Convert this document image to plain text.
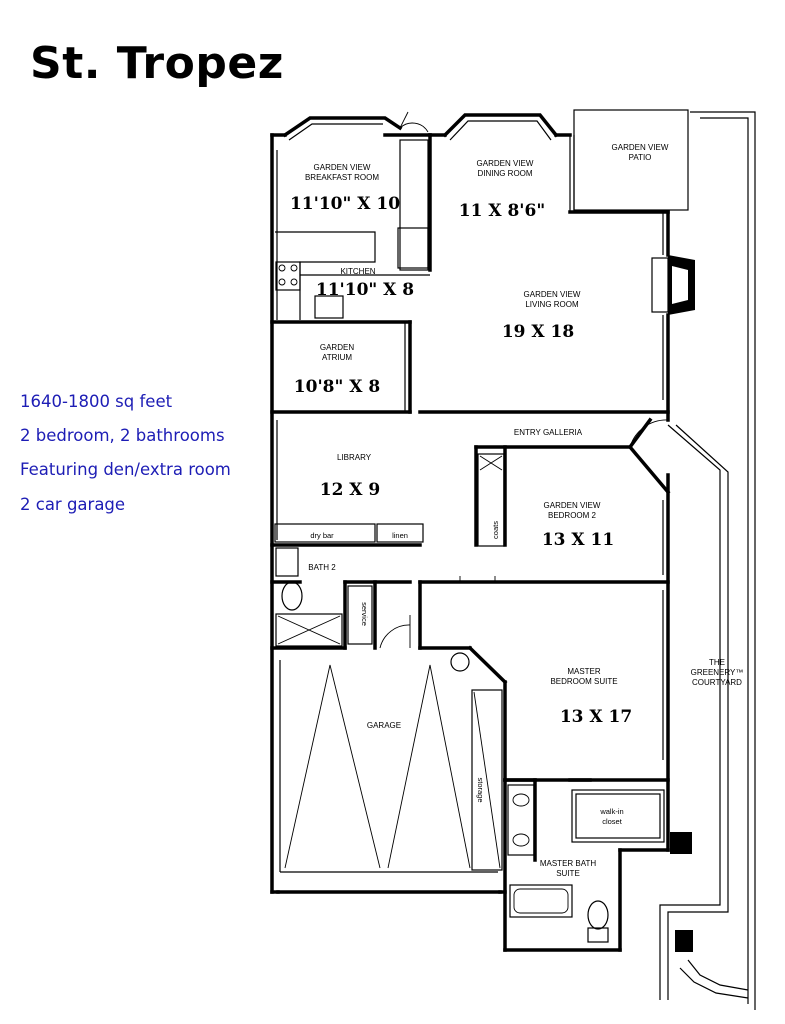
St. Tropez

1640-1800 sq feet

2 bedroom, 2 bathrooms

Featuring den/extra room

2 car garage

GARDEN VIEW
BREAKFAST ROOM
11'10" X 10
GARDEN VIEW
DINING ROOM
11 X 8'6"
GARDEN VIEW
PATIO
KITCHEN
11'10" X 8	GARDEN VIEW
LIVING ROOM
19 X 18
GARDEN
ATRIUM
10'8" X 8
ENTRY GALLERIA
LIBRARY
12 X 9
GARDEN VIEW
BEDROOM 2
13 X 11
BATH 2
GARAGE
MASTER
BEDROOM SUITE
13 X 17
walk-in
closet
MASTER BATH
SUITE
THE
GREENERY™
COURTYARD
dry bar	linen	coats
service
storage
